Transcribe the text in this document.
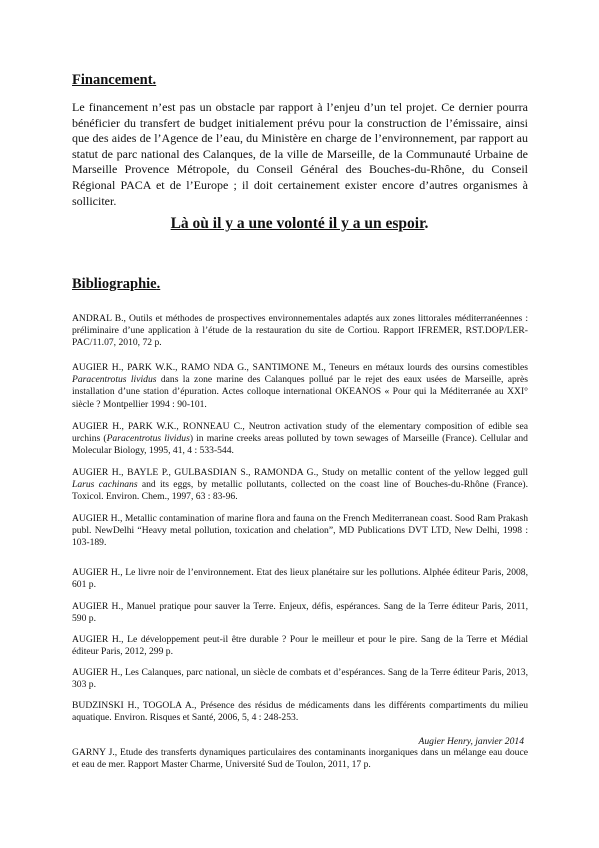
Financement.

Le financement n’est pas un obstacle par rapport à l’enjeu d’un tel projet. Ce dernier pourra bénéficier du transfert de budget initialement prévu pour la construction de l’émissaire, ainsi que des aides de l’Agence de l’eau, du Ministère en charge de l’environnement, par rapport au statut de parc national des Calanques, de la ville de Marseille, de la Communauté Urbaine de Marseille Provence Métropole, du Conseil Général des Bouches-du-Rhône, du Conseil Régional PACA et de l’Europe ; il doit certainement exister encore d’autres organismes à solliciter.

Là où il y a une volonté il y a un espoir.

Bibliographie.

ANDRAL B., Outils et méthodes de prospectives environnementales adaptés aux zones littorales méditerranéennes : préliminaire d’une application à l’étude de la restauration du site de Cortiou. Rapport IFREMER, RST.DOP/LER-PAC/11.07, 2010, 72 p.

AUGIER H., PARK W.K., RAMO NDA G., SANTIMONE M., Teneurs en métaux lourds des oursins comestibles Paracentrotus lividus dans la zone marine des Calanques pollué par le rejet des eaux usées de Marseille, après installation d’une station d’épuration. Actes colloque international OKEANOS « Pour qui la Méditerranée au XXI° siècle ? Montpellier 1994 : 90-101.

AUGIER H., PARK W.K., RONNEAU C., Neutron activation study of the elementary composition of edible sea urchins (Paracentrotus lividus) in marine creeks areas polluted by town sewages of Marseille (France). Cellular and Molecular Biology, 1995, 41, 4 : 533-544.

AUGIER H., BAYLE P., GULBASDIAN S., RAMONDA G., Study on metallic content of the yellow legged gull Larus cachinans and its eggs, by metallic pollutants, collected on the coast line of Bouches-du-Rhône (France). Toxicol. Environ. Chem., 1997, 63 : 83-96.

AUGIER H., Metallic contamination of marine flora and fauna on the French Mediterranean coast. Sood Ram Prakash publ. NewDelhi “Heavy metal pollution, toxication and chelation”, MD Publications DVT LTD, New Delhi, 1998 : 103-189.

AUGIER H., Le livre noir de l’environnement. Etat des lieux planétaire sur les pollutions. Alphée éditeur Paris, 2008, 601 p.

AUGIER H., Manuel pratique pour sauver la Terre. Enjeux, défis, espérances. Sang de la Terre éditeur Paris, 2011, 590 p.

AUGIER H., Le développement peut-il être durable ? Pour le meilleur et pour le pire. Sang de la Terre et Médial éditeur Paris, 2012, 299 p.

AUGIER H., Les Calanques, parc national, un siècle de combats et d’espérances. Sang de la Terre éditeur Paris, 2013, 303 p.

BUDZINSKI H., TOGOLA A., Présence des résidus de médicaments dans les différents compartiments du milieu aquatique. Environ. Risques et Santé, 2006, 5, 4 : 248-253.

Augier Henry, janvier 2014

GARNY J., Etude des transferts dynamiques particulaires des contaminants inorganiques dans un mélange eau douce et eau de mer. Rapport Master Charme, Université Sud de Toulon, 2011, 17 p.
